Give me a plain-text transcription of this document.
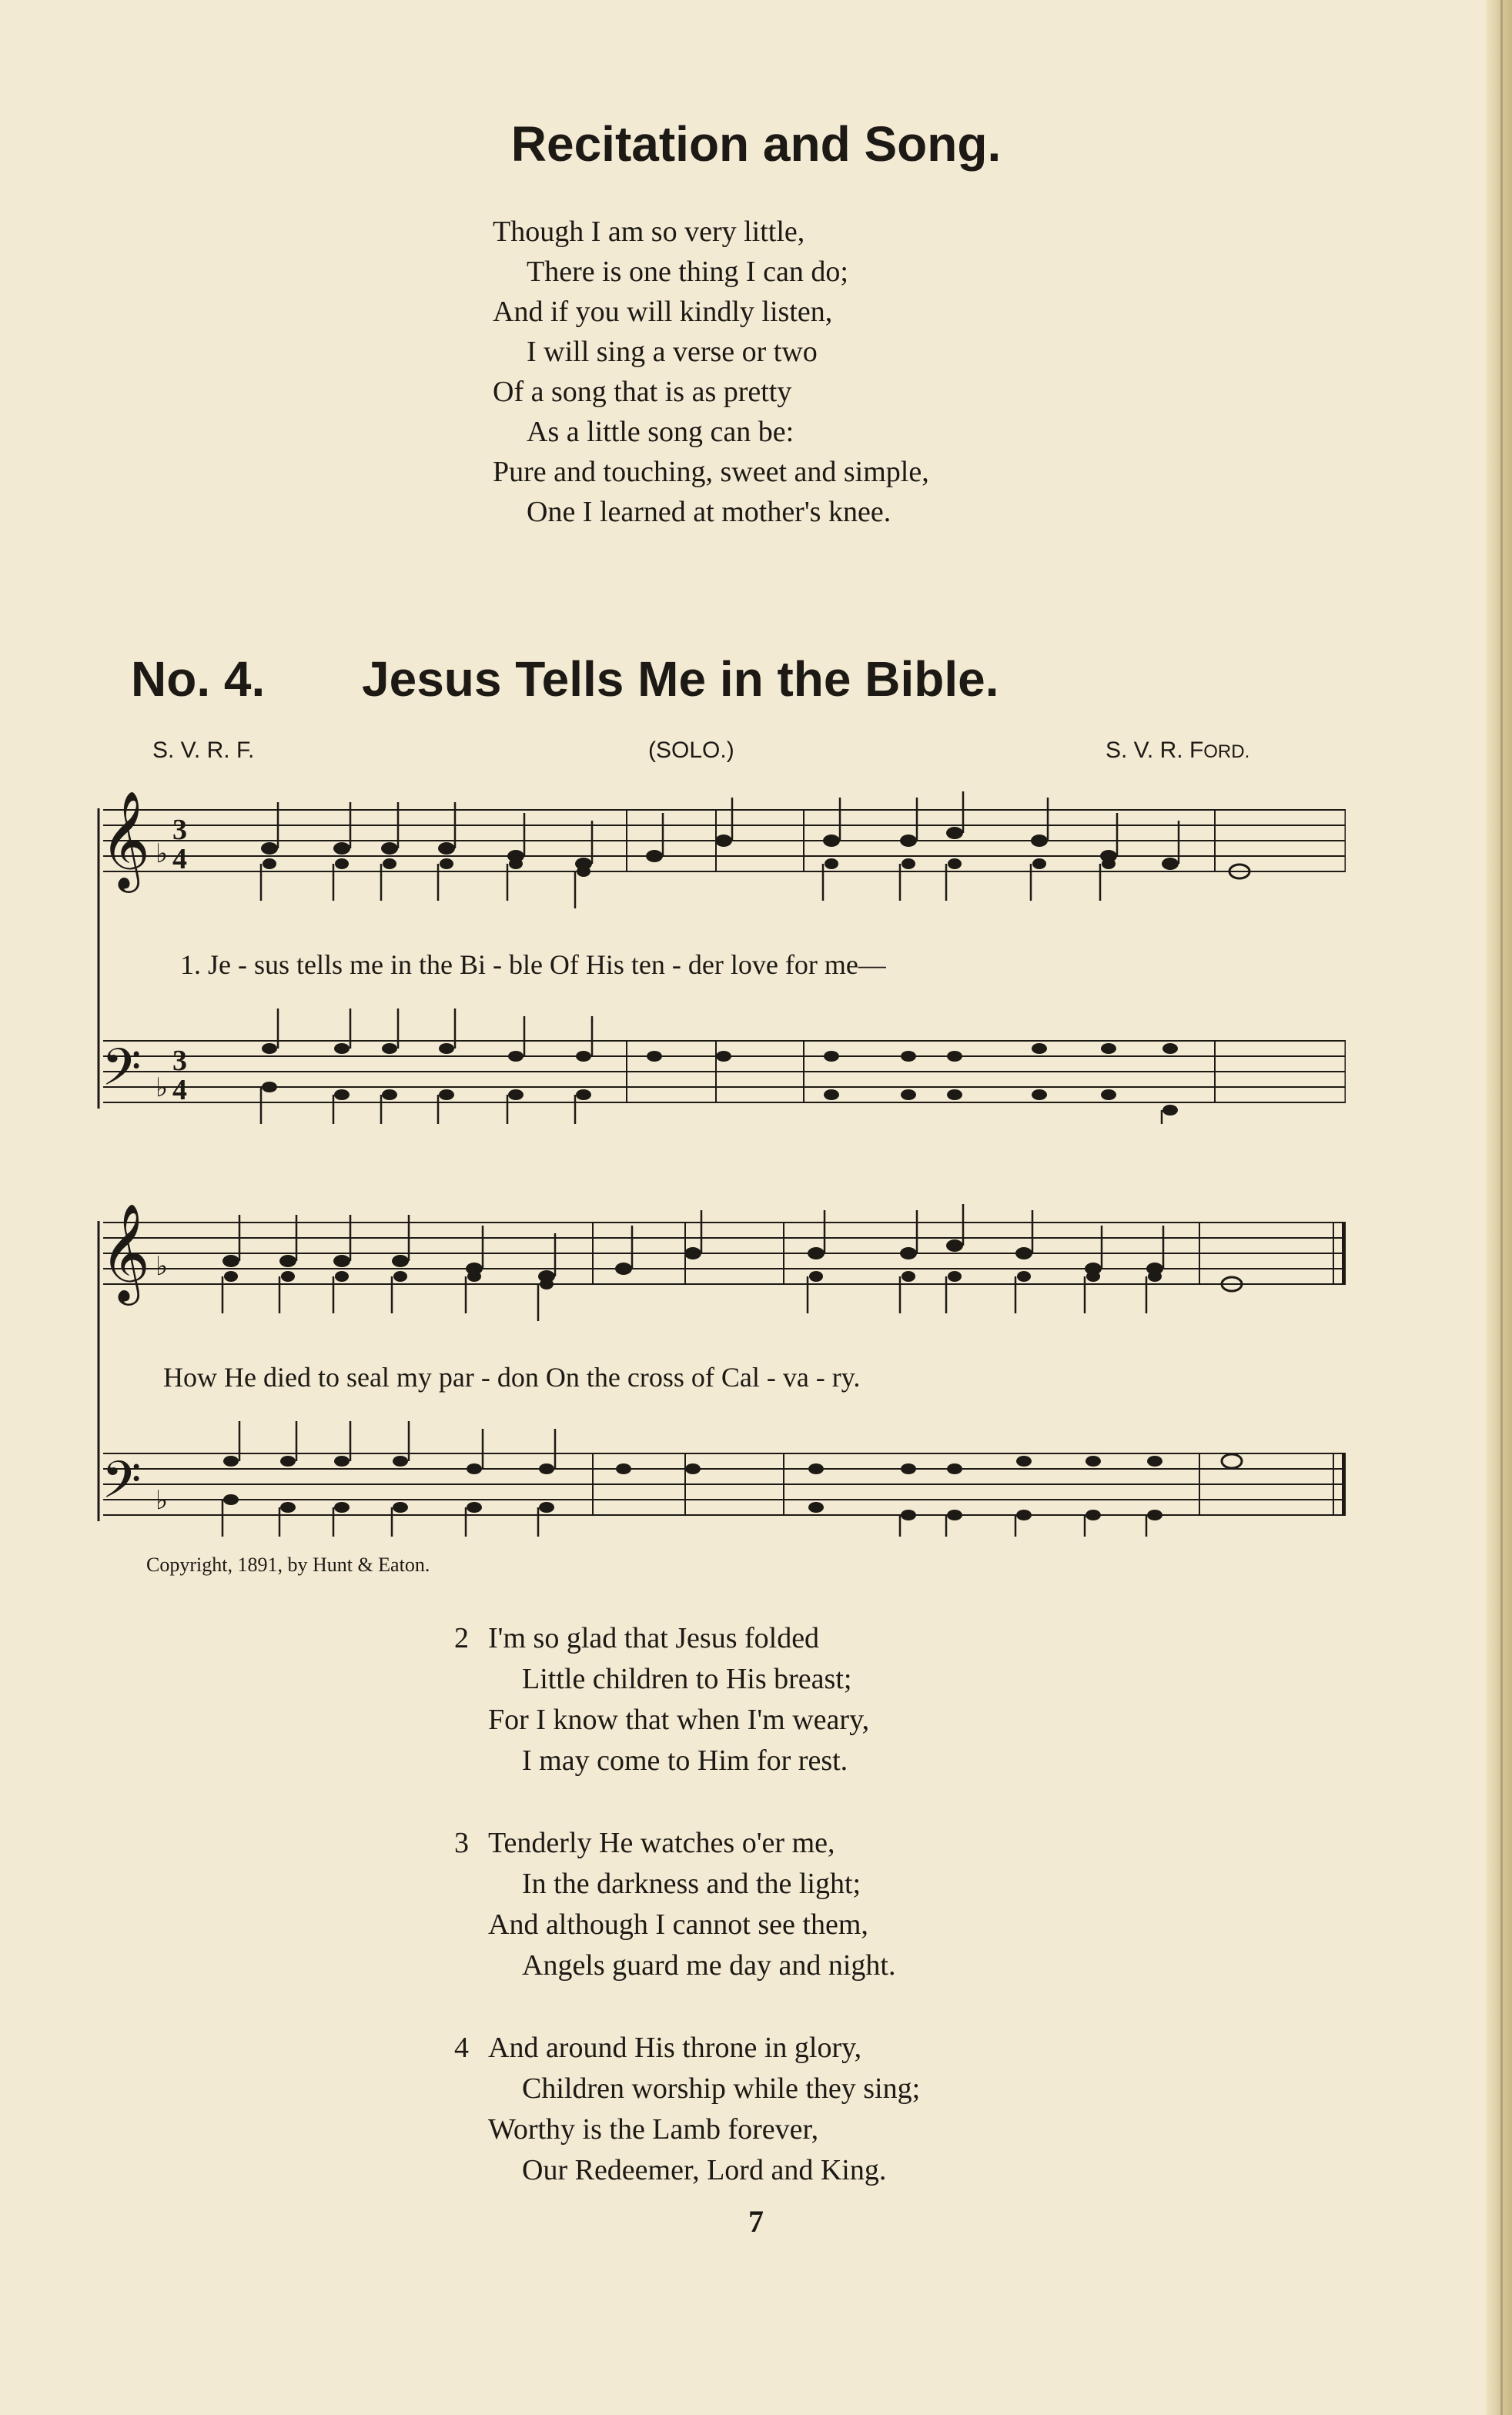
Recitation and Song.
Though I am so very little,
There is one thing I can do;
And if you will kindly listen,
I will sing a verse or two
Of a song that is as pretty
As a little song can be:
Pure and touching, sweet and simple,
One I learned at mother's knee.
No. 4. Jesus Tells Me in the Bible.
S. V. R. F.	(SOLO.)	S. V. R. FORD.
𝄞
𝄢
3
4
3
4
♭
♭
1. Je - sus tells me in the Bi - ble Of His ten - der love for me—
𝄞
𝄢
♭
♭
How He died to seal my par - don On the cross of Cal - va - ry.
Copyright, 1891, by Hunt & Eaton.
2 I'm so glad that Jesus folded
Little children to His breast;
For I know that when I'm weary,
I may come to Him for rest.
3 Tenderly He watches o'er me,
In the darkness and the light;
And although I cannot see them,
Angels guard me day and night.
4 And around His throne in glory,
Children worship while they sing;
Worthy is the Lamb forever,
Our Redeemer, Lord and King.
7
